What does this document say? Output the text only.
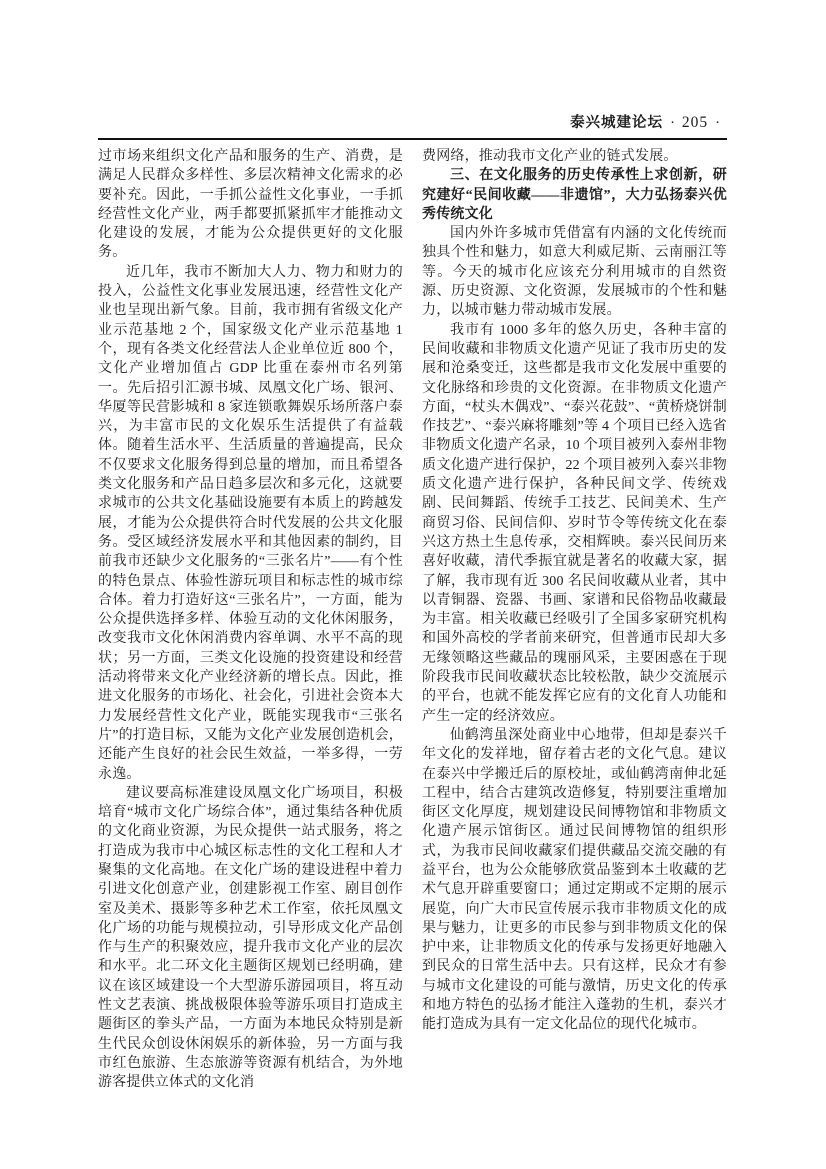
泰兴城建论坛 · 205 ·

过市场来组织文化产品和服务的生产、消费，是满足人民群众多样性、多层次精神文化需求的必要补充。因此，一手抓公益性文化事业，一手抓经营性文化产业，两手都要抓紧抓牢才能推动文化建设的发展，才能为公众提供更好的文化服务。

近几年，我市不断加大人力、物力和财力的投入，公益性文化事业发展迅速，经营性文化产业也呈现出新气象。目前，我市拥有省级文化产业示范基地 2 个，国家级文化产业示范基地 1 个，现有各类文化经营法人企业单位近 800 个，文化产业增加值占 GDP 比重在泰州市名列第一。先后招引汇源书城、凤凰文化广场、银河、华厦等民营影城和 8 家连锁歌舞娱乐场所落户泰兴，为丰富市民的文化娱乐生活提供了有益载体。随着生活水平、生活质量的普遍提高，民众不仅要求文化服务得到总量的增加，而且希望各类文化服务和产品日趋多层次和多元化，这就要求城市的公共文化基础设施要有本质上的跨越发展，才能为公众提供符合时代发展的公共文化服务。受区域经济发展水平和其他因素的制约，目前我市还缺少文化服务的“三张名片”——有个性的特色景点、体验性游玩项目和标志性的城市综合体。着力打造好这“三张名片”，一方面，能为公众提供选择多样、体验互动的文化休闲服务，改变我市文化休闲消费内容单调、水平不高的现状；另一方面，三类文化设施的投资建设和经营活动将带来文化产业经济新的增长点。因此，推进文化服务的市场化、社会化，引进社会资本大力发展经营性文化产业，既能实现我市“三张名片”的打造目标，又能为文化产业发展创造机会，还能产生良好的社会民生效益，一举多得，一劳永逸。

建议要高标准建设凤凰文化广场项目，积极培育“城市文化广场综合体”，通过集结各种优质的文化商业资源，为民众提供一站式服务，将之打造成为我市中心城区标志性的文化工程和人才聚集的文化高地。在文化广场的建设进程中着力引进文化创意产业，创建影视工作室、剧目创作室及美术、摄影等多种艺术工作室，依托凤凰文化广场的功能与规模拉动，引导形成文化产品创作与生产的积聚效应，提升我市文化产业的层次和水平。北二环文化主题街区规划已经明确，建议在该区域建设一个大型游乐游园项目，将互动性文艺表演、挑战极限体验等游乐项目打造成主题街区的拳头产品，一方面为本地民众特别是新生代民众创设休闲娱乐的新体验，另一方面与我市红色旅游、生态旅游等资源有机结合，为外地游客提供立体式的文化消

费网络，推动我市文化产业的链式发展。

三、在文化服务的历史传承性上求创新，研究建好“民间收藏——非遗馆”，大力弘扬泰兴优秀传统文化

国内外许多城市凭借富有内涵的文化传统而独具个性和魅力，如意大利威尼斯、云南丽江等等。今天的城市化应该充分利用城市的自然资源、历史资源、文化资源，发展城市的个性和魅力，以城市魅力带动城市发展。

我市有 1000 多年的悠久历史，各种丰富的民间收藏和非物质文化遗产见证了我市历史的发展和沧桑变迁，这些都是我市文化发展中重要的文化脉络和珍贵的文化资源。在非物质文化遗产方面，“杖头木偶戏”、“泰兴花鼓”、“黄桥烧饼制作技艺”、“泰兴麻将雕刻”等 4 个项目已经入选省非物质文化遗产名录，10 个项目被列入泰州非物质文化遗产进行保护，22 个项目被列入泰兴非物质文化遗产进行保护，各种民间文学、传统戏剧、民间舞蹈、传统手工技艺、民间美术、生产商贸习俗、民间信仰、岁时节令等传统文化在泰兴这方热土生息传承，交相辉映。泰兴民间历来喜好收藏，清代季振宜就是著名的收藏大家，据了解，我市现有近 300 名民间收藏从业者，其中以青铜器、瓷器、书画、家谱和民俗物品收藏最为丰富。相关收藏已经吸引了全国多家研究机构和国外高校的学者前来研究，但普通市民却大多无缘领略这些藏品的瑰丽风采，主要困惑在于现阶段我市民间收藏状态比较松散，缺少交流展示的平台，也就不能发挥它应有的文化育人功能和产生一定的经济效应。

仙鹤湾虽深处商业中心地带，但却是泰兴千年文化的发祥地，留存着古老的文化气息。建议在泰兴中学搬迁后的原校址，或仙鹤湾南伸北延工程中，结合古建筑改造修复，特别要注重增加街区文化厚度，规划建设民间博物馆和非物质文化遗产展示馆街区。通过民间博物馆的组织形式，为我市民间收藏家们提供藏品交流交融的有益平台，也为公众能够欣赏品鉴到本土收藏的艺术气息开辟重要窗口；通过定期或不定期的展示展览，向广大市民宣传展示我市非物质文化的成果与魅力，让更多的市民参与到非物质文化的保护中来，让非物质文化的传承与发扬更好地融入到民众的日常生活中去。只有这样，民众才有参与城市文化建设的可能与激情，历史文化的传承和地方特色的弘扬才能注入蓬勃的生机，泰兴才能打造成为具有一定文化品位的现代化城市。
